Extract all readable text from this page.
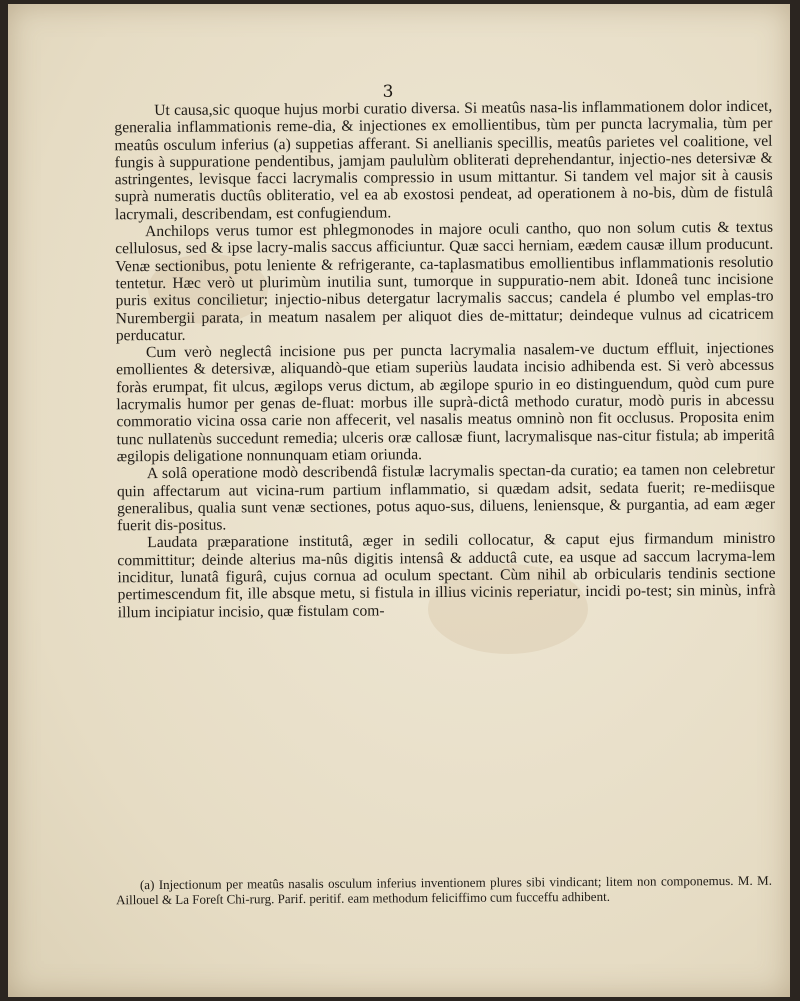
3

Ut causa,sic quoque hujus morbi curatio diversa. Si meatûs nasa-lis inflammationem dolor indicet, generalia inflammationis reme-dia, & injectiones ex emollientibus, tùm per puncta lacrymalia, tùm per meatûs osculum inferius (a) suppetias afferant. Si anellianis specillis, meatûs parietes vel coalitione, vel fungis à suppuratione pendentibus, jamjam paululùm obliterati deprehendantur, injectio-nes detersivæ & astringentes, levisque facci lacrymalis compressio in usum mittantur. Si tandem vel major sit à causis suprà numeratis ductûs obliteratio, vel ea ab exostosi pendeat, ad operationem à no-bis, dùm de fistulâ lacrymali, describendam, est confugiendum.

Anchilops verus tumor est phlegmonodes in majore oculi cantho, quo non solum cutis & textus cellulosus, sed & ipse lacry-malis saccus afficiuntur. Quæ sacci herniam, eædem causæ illum producunt. Venæ sectionibus, potu leniente & refrigerante, ca-taplasmatibus emollientibus inflammationis resolutio tentetur. Hæc verò ut plurimùm inutilia sunt, tumorque in suppuratio-nem abit. Idoneâ tunc incisione puris exitus concilietur; injectio-nibus detergatur lacrymalis saccus; candela é plumbo vel emplas-tro Nurembergii parata, in meatum nasalem per aliquot dies de-mittatur; deindeque vulnus ad cicatricem perducatur.

Cum verò neglectâ incisione pus per puncta lacrymalia nasalem-ve ductum effluit, injectiones emollientes & detersivæ, aliquandò-que etiam superiùs laudata incisio adhibenda est. Si verò abcessus foràs erumpat, fit ulcus, ægilops verus dictum, ab ægilope spurio in eo distinguendum, quòd cum pure lacrymalis humor per genas de-fluat: morbus ille suprà-dictâ methodo curatur, modò puris in abcessu commoratio vicina ossa carie non affecerit, vel nasalis meatus omninò non fit occlusus. Proposita enim tunc nullatenùs succedunt remedia; ulceris oræ callosæ fiunt, lacrymalisque nas-citur fistula; ab imperitâ ægilopis deligatione nonnunquam etiam oriunda.

A solâ operatione modò describendâ fistulæ lacrymalis spectan-da curatio; ea tamen non celebretur quin affectarum aut vicina-rum partium inflammatio, si quædam adsit, sedata fuerit; re-mediisque generalibus, qualia sunt venæ sectiones, potus aquo-sus, diluens, leniensque, & purgantia, ad eam æger fuerit dis-positus.

Laudata præparatione institutâ, æger in sedili collocatur, & caput ejus firmandum ministro committitur; deinde alterius ma-nûs digitis intensâ & adductâ cute, ea usque ad saccum lacryma-lem inciditur, lunatâ figurâ, cujus cornua ad oculum spectant. Cùm nihil ab orbicularis tendinis sectione pertimescendum fit, ille absque metu, si fistula in illius vicinis reperiatur, incidi po-test; sin minùs, infrà illum incipiatur incisio, quæ fistulam com-

(a) Injectionum per meatûs nasalis osculum inferius inventionem plures sibi vindicant; litem non componemus. M. M. Aillouel & La Foreſt Chi-rurg. Parif. peritif. eam methodum feliciffimo cum fucceffu adhibent.
